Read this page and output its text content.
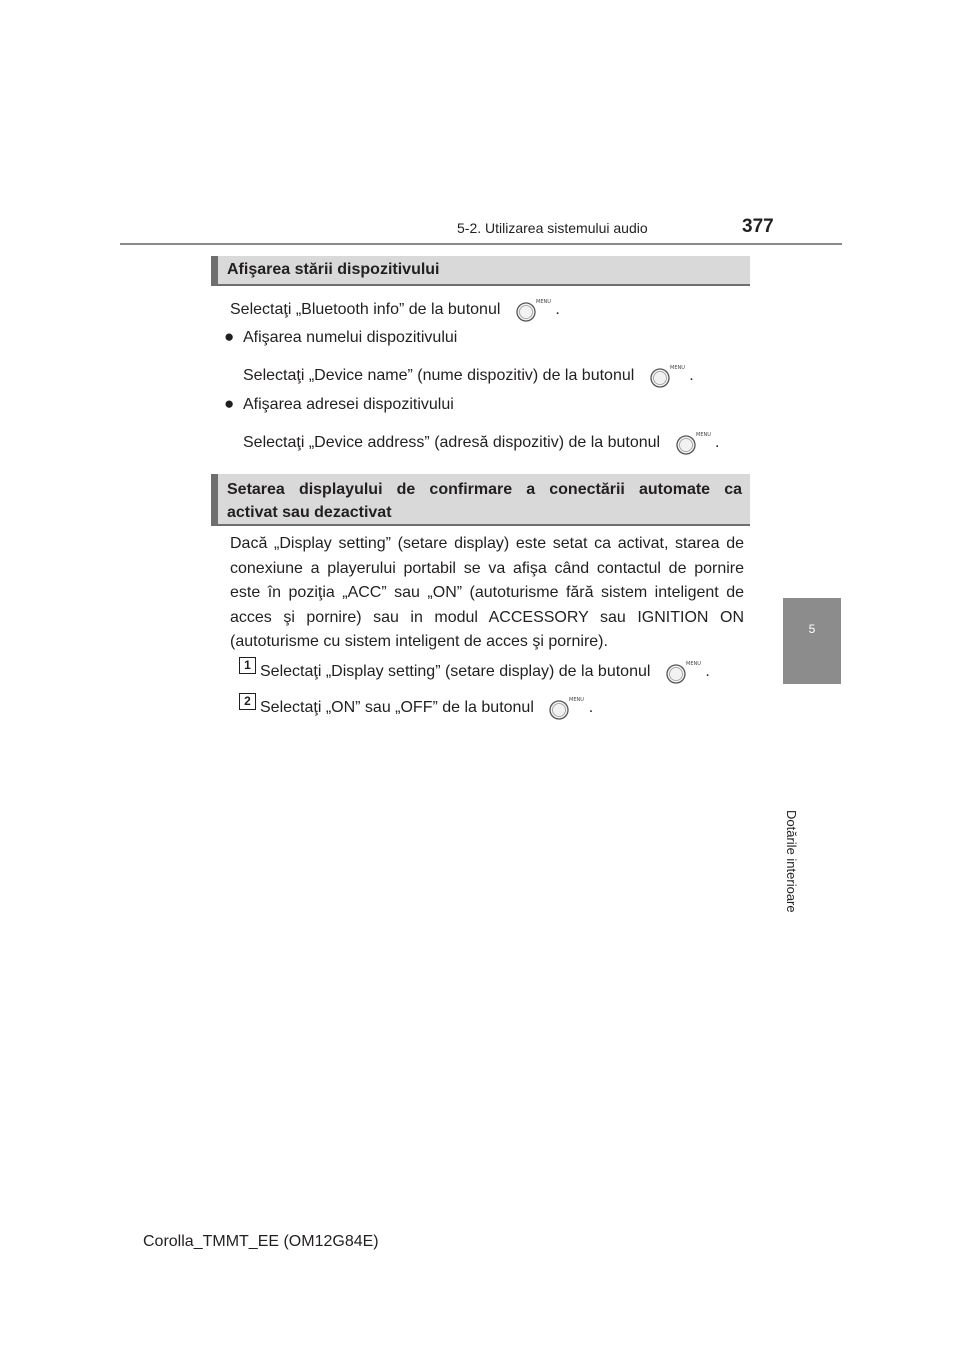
5-2. Utilizarea sistemului audio	377
5
Dotările interioare
Afişarea stării dispozitivului
Selectaţi „Bluetooth info” de la butonul	MENU .
● Afişarea numelui dispozitivului
Selectaţi „Device name” (nume dispozitiv) de la butonul	MENU .
● Afişarea adresei dispozitivului
Selectaţi „Device address” (adresă dispozitiv) de la butonul	MENU .
Setarea displayului de confirmare a conectării automate ca
activat sau dezactivat
Dacă „Display setting” (setare display) este setat ca activat, starea de conexiune a playerului portabil se va afişa când contactul de pornire este în poziţia „ACC” sau „ON” (autoturisme fără sistem inteligent de acces şi pornire) sau in modul ACCESSORY sau IGNITION ON (autoturisme cu sistem inteligent de acces şi pornire).
1 Selectaţi „Display setting” (setare display) de la butonul	MENU .
2 Selectaţi „ON” sau „OFF” de la butonul	MENU .
Corolla_TMMT_EE (OM12G84E)
